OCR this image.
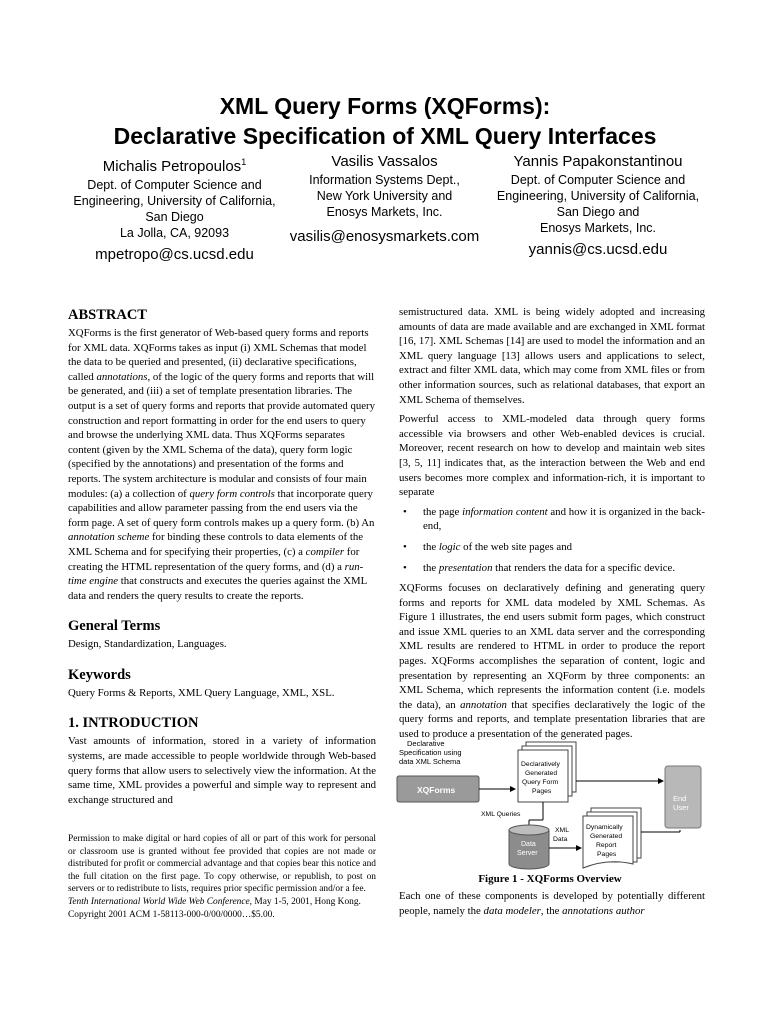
XML Query Forms (XQForms):
Declarative Specification of XML Query Interfaces
Michalis Petropoulos$^1$
Dept. of Computer Science and
Engineering, University of California,
San Diego
La Jolla, CA, 92093
mpetropo@cs.ucsd.edu
Vasilis Vassalos
Information Systems Dept.,
New York University and
Enosys Markets, Inc.
vasilis@enosysmarkets.com
Yannis Papakonstantinou
Dept. of Computer Science and
Engineering, University of California,
San Diego and
Enosys Markets, Inc.
yannis@cs.ucsd.edu
ABSTRACT

XQForms is the first generator of Web-based query forms and reports for XML data. XQForms takes as input (i) XML Schemas that model the data to be queried and presented, (ii) declarative specifications, called annotations, of the logic of the query forms and reports that will be generated, and (iii) a set of template presentation libraries. The output is a set of query forms and reports that provide automated query construction and report formatting in order for the end users to query and browse the underlying XML data. Thus XQForms separates content (given by the XML Schema of the data), query form logic (specified by the annotations) and presentation of the forms and reports. The system architecture is modular and consists of four main modules: (a) a collection of query form controls that incorporate query capabilities and allow parameter passing from the end users via the form page. A set of query form controls makes up a query form. (b) An annotation scheme for binding these controls to data elements of the XML Schema and for specifying their properties, (c) a compiler for creating the HTML representation of the query forms, and (d) a run-time engine that constructs and executes the queries against the XML data and renders the query results to create the reports.

General Terms

Design, Standardization, Languages.

Keywords

Query Forms & Reports, XML Query Language, XML, XSL.

1. INTRODUCTION

Vast amounts of information, stored in a variety of information systems, are made accessible to people worldwide through Web-based query forms that allow users to selectively view the information. At the same time, XML provides a powerful and simple way to represent and exchange structured and

Permission to make digital or hard copies of all or part of this work for personal or classroom use is granted without fee provided that copies are not made or distributed for profit or commercial advantage and that copies bear this notice and the full citation on the first page. To copy otherwise, or republish, to post on servers or to redistribute to lists, requires prior specific permission and/or a fee.
Tenth International World Wide Web Conference, May 1-5, 2001, Hong Kong.
Copyright 2001 ACM 1-58113-000-0/00/0000…$5.00.

semistructured data. XML is being widely adopted and increasing amounts of data are made available and are exchanged in XML format [16, 17]. XML Schemas [14] are used to model the information and an XML query language [13] allows users and applications to select, extract and filter XML data, which may come from XML files or from other information sources, such as relational databases, that export an XML Schema of themselves.

Powerful access to XML-modeled data through query forms accessible via browsers and other Web-enabled devices is crucial. Moreover, recent research on how to develop and maintain web sites [3, 5, 11] indicates that, as the interaction between the Web and end users becomes more complex and information-rich, it is important to separate

•	the page information content and how it is organized in the back-end,
•	the logic of the web site pages and
•	the presentation that renders the data for a specific device.

XQForms focuses on declaratively defining and generating query forms and reports for XML data modeled by XML Schemas. As Figure 1 illustrates, the end users submit form pages, which construct and issue XML queries to an XML data server and the corresponding XML results are rendered to HTML in order to produce the report pages. XQForms accomplishes the separation of content, logic and presentation by representing an XQForm by three components: an XML Schema, which represents the information content (i.e. models the data), an annotation that specifies declaratively the logic of the query forms and reports, and template presentation libraries that are used to produce a presentation of the generated pages.

Declarative
Specification using
data XML Schema
XQForms
Declaratively
Generated
Query Form
Pages
End
User
XML Queries
Data
Server
XML
Data
Dynamically
Generated
Report
Pages
Figure 1 - XQForms Overview

Each one of these components is developed by potentially different people, namely the data modeler, the annotations author
